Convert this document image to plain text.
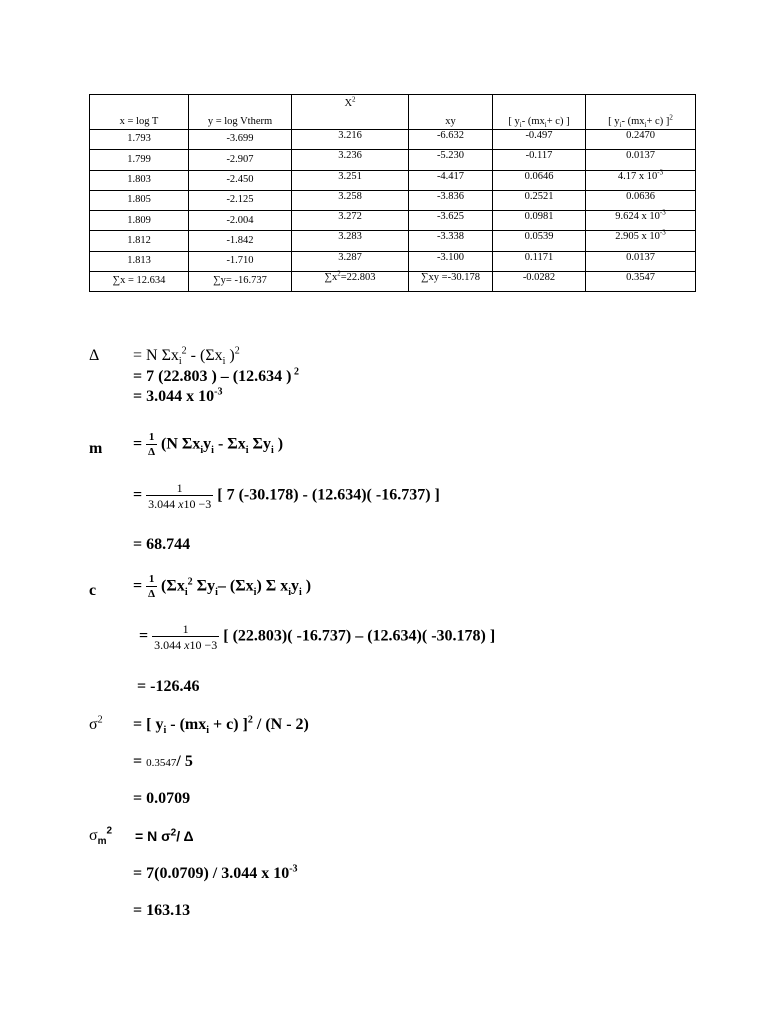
x = log T	y = log Vtherm	$X^2$	xy	[ $y_i-$ $(mx_i+ c)$ ]	[ $y_i-$ $(mx_i+ c)$ ]$^2$
1.793	-3.699	3.216	-6.632	-0.497	0.2470
1.799	-2.907	3.236	-5.230	-0.117	0.0137
1.803	-2.450	3.251	-4.417	0.0646	4.17 x $10^{-3}$
1.805	-2.125	3.258	-3.836	0.2521	0.0636
1.809	-2.004	3.272	-3.625	0.0981	9.624 x $10^{-3}$
1.812	-1.842	3.283	-3.338	0.0539	2.905 x $10^{-3}$
1.813	-1.710	3.287	-3.100	0.1171	0.0137
∑x = 12.634	∑y= -16.737	$\sum x^2=22.803$	∑xy =-30.178	-0.0282	0.3547
Δ = N $\Sigma x_i^2 - (\Sigma x_i$ )$^2$
= 7 (22.803 ) – (12.634 ) $^2$
= 3.044 x $10^{-3}$
$m = \frac{1}{\Delta} (N$ $\Sigma x_iy_i - \Sigma x_i$ $\Sigma y_i$ )
= $\frac{1}{3.044 x10 -3}$ [ 7 (-30.178) - (12.634)( -16.737) ]
= 68.744
$c = \frac{1}{\Delta} (\Sigma x_i^2$ $\Sigma y_i-$ $(\Sigma x_i)$ Σ $x_iy_i$ )
= $\frac{1}{3.044 x10 -3}$ [ (22.803)( -16.737) – (12.634)( -30.178) ]
= -126.46
$\sigma^2$ = [ $y_i - (mx_i + c)$ ]$^2$ / (N - 2)
= 0.3547/ 5
= 0.0709
$\sigma_m^2 = N$ $\sigma^2/$ Δ
= 7(0.0709) / 3.044 x $10^{-3}$
= 163.13
